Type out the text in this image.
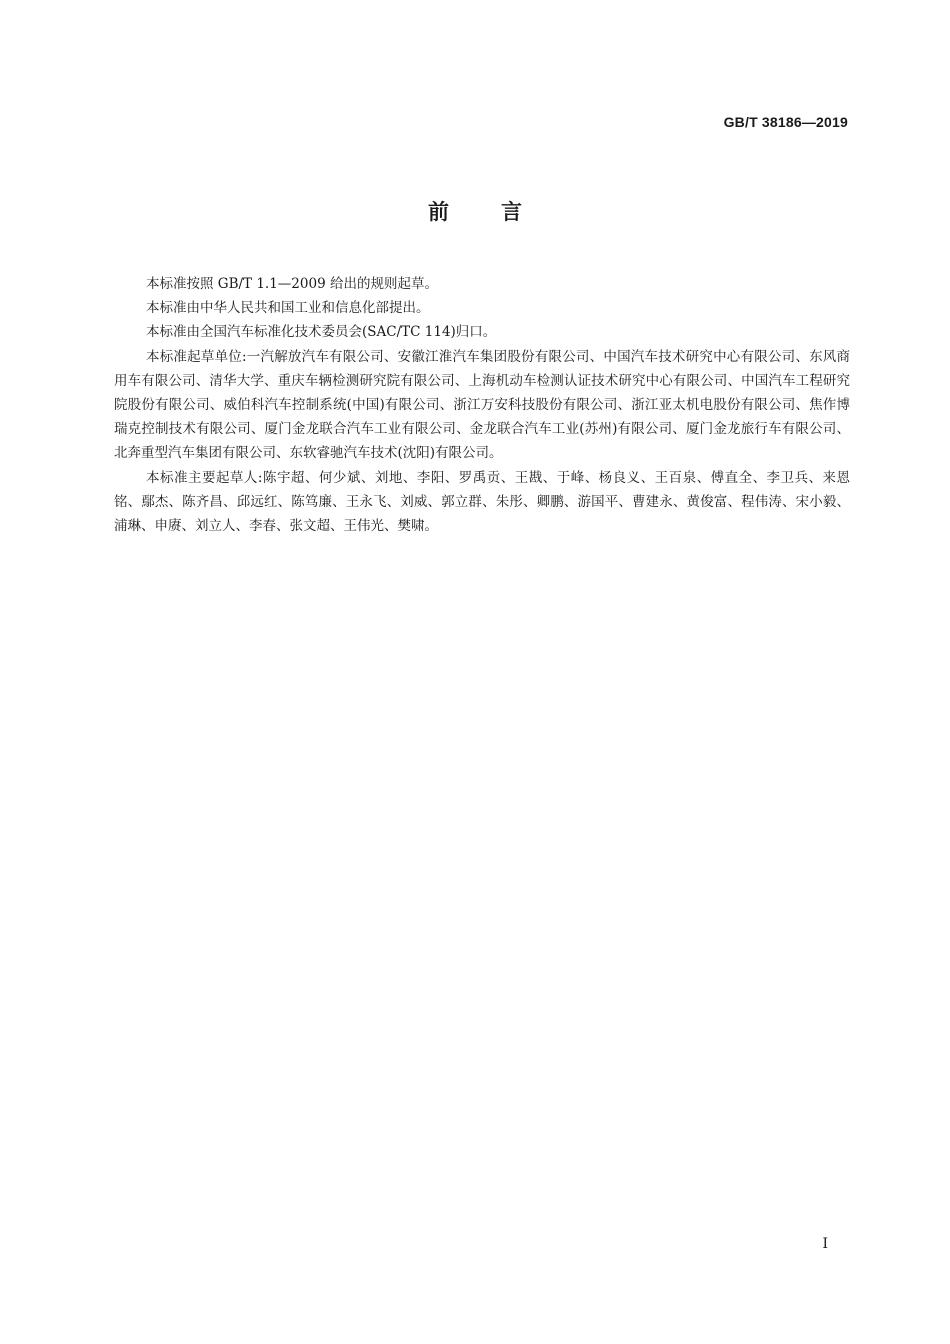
GB/T 38186—2019
前言

本标准按照 GB/T 1.1—2009 给出的规则起草。

本标准由中华人民共和国工业和信息化部提出。

本标准由全国汽车标准化技术委员会(SAC/TC 114)归口。

本标准起草单位:一汽解放汽车有限公司、安徽江淮汽车集团股份有限公司、中国汽车技术研究中心有限公司、东风商用车有限公司、清华大学、重庆车辆检测研究院有限公司、上海机动车检测认证技术研究中心有限公司、中国汽车工程研究院股份有限公司、威伯科汽车控制系统(中国)有限公司、浙江万安科技股份有限公司、浙江亚太机电股份有限公司、焦作博瑞克控制技术有限公司、厦门金龙联合汽车工业有限公司、金龙联合汽车工业(苏州)有限公司、厦门金龙旅行车有限公司、北奔重型汽车集团有限公司、东软睿驰汽车技术(沈阳)有限公司。

本标准主要起草人:陈宇超、何少斌、刘地、李阳、罗禹贡、王戡、于峰、杨良义、王百泉、傅直全、李卫兵、来恩铭、鄢杰、陈齐昌、邱远红、陈笃廉、王永飞、刘威、郭立群、朱彤、卿鹏、游国平、曹建永、黄俊富、程伟涛、宋小毅、浦琳、申赓、刘立人、李春、张文超、王伟光、樊啸。

I
